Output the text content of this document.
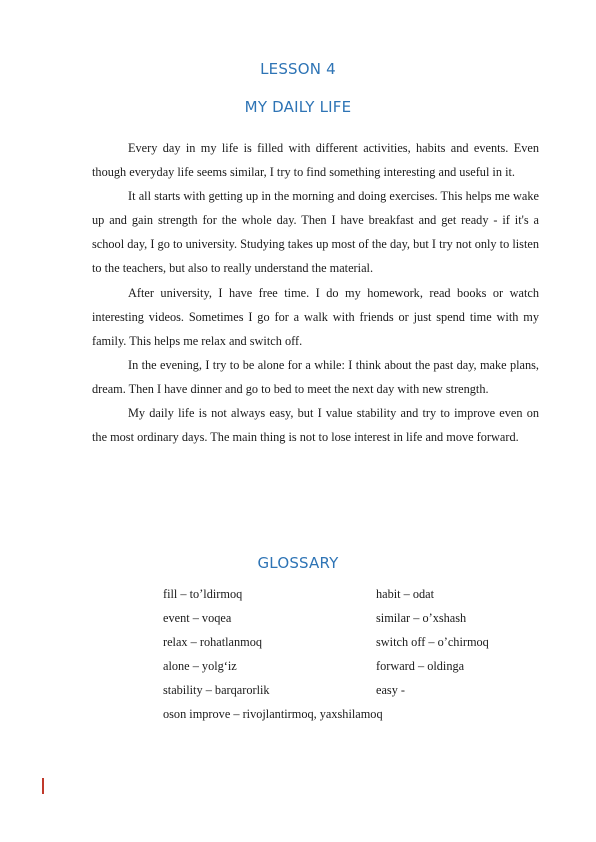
LESSON 4
MY DAILY LIFE

Every day in my life is filled with different activities, habits and events. Even though everyday life seems similar, I try to find something interesting and useful in it.

It all starts with getting up in the morning and doing exercises. This helps me wake up and gain strength for the whole day. Then I have breakfast and get ready - if it's a school day, I go to university. Studying takes up most of the day, but I try not only to listen to the teachers, but also to really understand the material.

After university, I have free time. I do my homework, read books or watch interesting videos. Sometimes I go for a walk with friends or just spend time with my family. This helps me relax and switch off.

In the evening, I try to be alone for a while: I think about the past day, make plans, dream. Then I have dinner and go to bed to meet the next day with new strength.

My daily life is not always easy, but I value stability and try to improve even on the most ordinary days. The main thing is not to lose interest in life and move forward.

GLOSSARY
fill – to’ldirmoq	habit – odat
event – voqea	similar – o’xshash
relax – rohatlanmoq	switch off – o’chirmoq
alone – yolg‘iz	forward – oldinga
stability – barqarorlik	easy -
oson improve – rivojlantirmoq, yaxshilamoq
